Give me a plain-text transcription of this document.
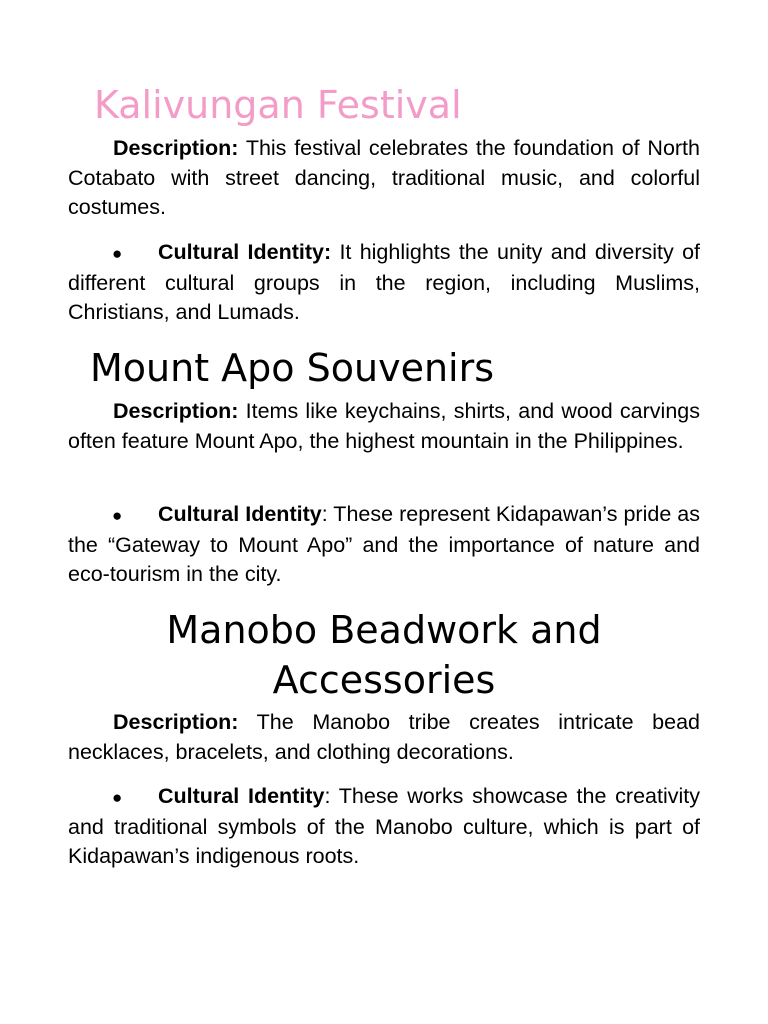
Kalivungan Festival

Description: This festival celebrates the foundation of North Cotabato with street dancing, traditional music, and colorful costumes.

● Cultural Identity: It highlights the unity and diversity of different cultural groups in the region, including Muslims, Christians, and Lumads.

Mount Apo Souvenirs

Description: Items like keychains, shirts, and wood carvings often feature Mount Apo, the highest mountain in the Philippines.

● Cultural Identity: These represent Kidapawan’s pride as the “Gateway to Mount Apo” and the importance of nature and eco-tourism in the city.

Manobo Beadwork and Accessories

Description: The Manobo tribe creates intricate bead necklaces, bracelets, and clothing decorations.

● Cultural Identity: These works showcase the creativity and traditional symbols of the Manobo culture, which is part of Kidapawan’s indigenous roots.
